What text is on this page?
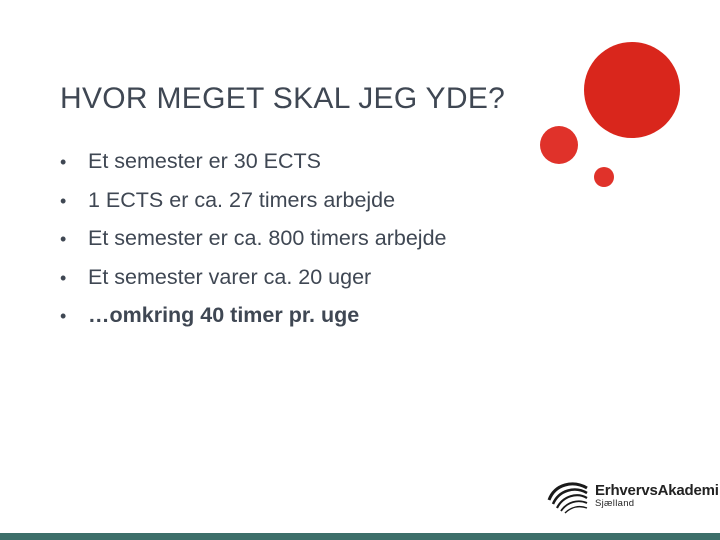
HVOR MEGET SKAL JEG YDE?
•	Et semester er 30 ECTS
•	1 ECTS er ca. 27 timers arbejde
•	Et semester er ca. 800 timers arbejde
•	Et semester varer ca. 20 uger
•	…omkring 40 timer pr. uge
ErhvervsAkademi
Sjælland
